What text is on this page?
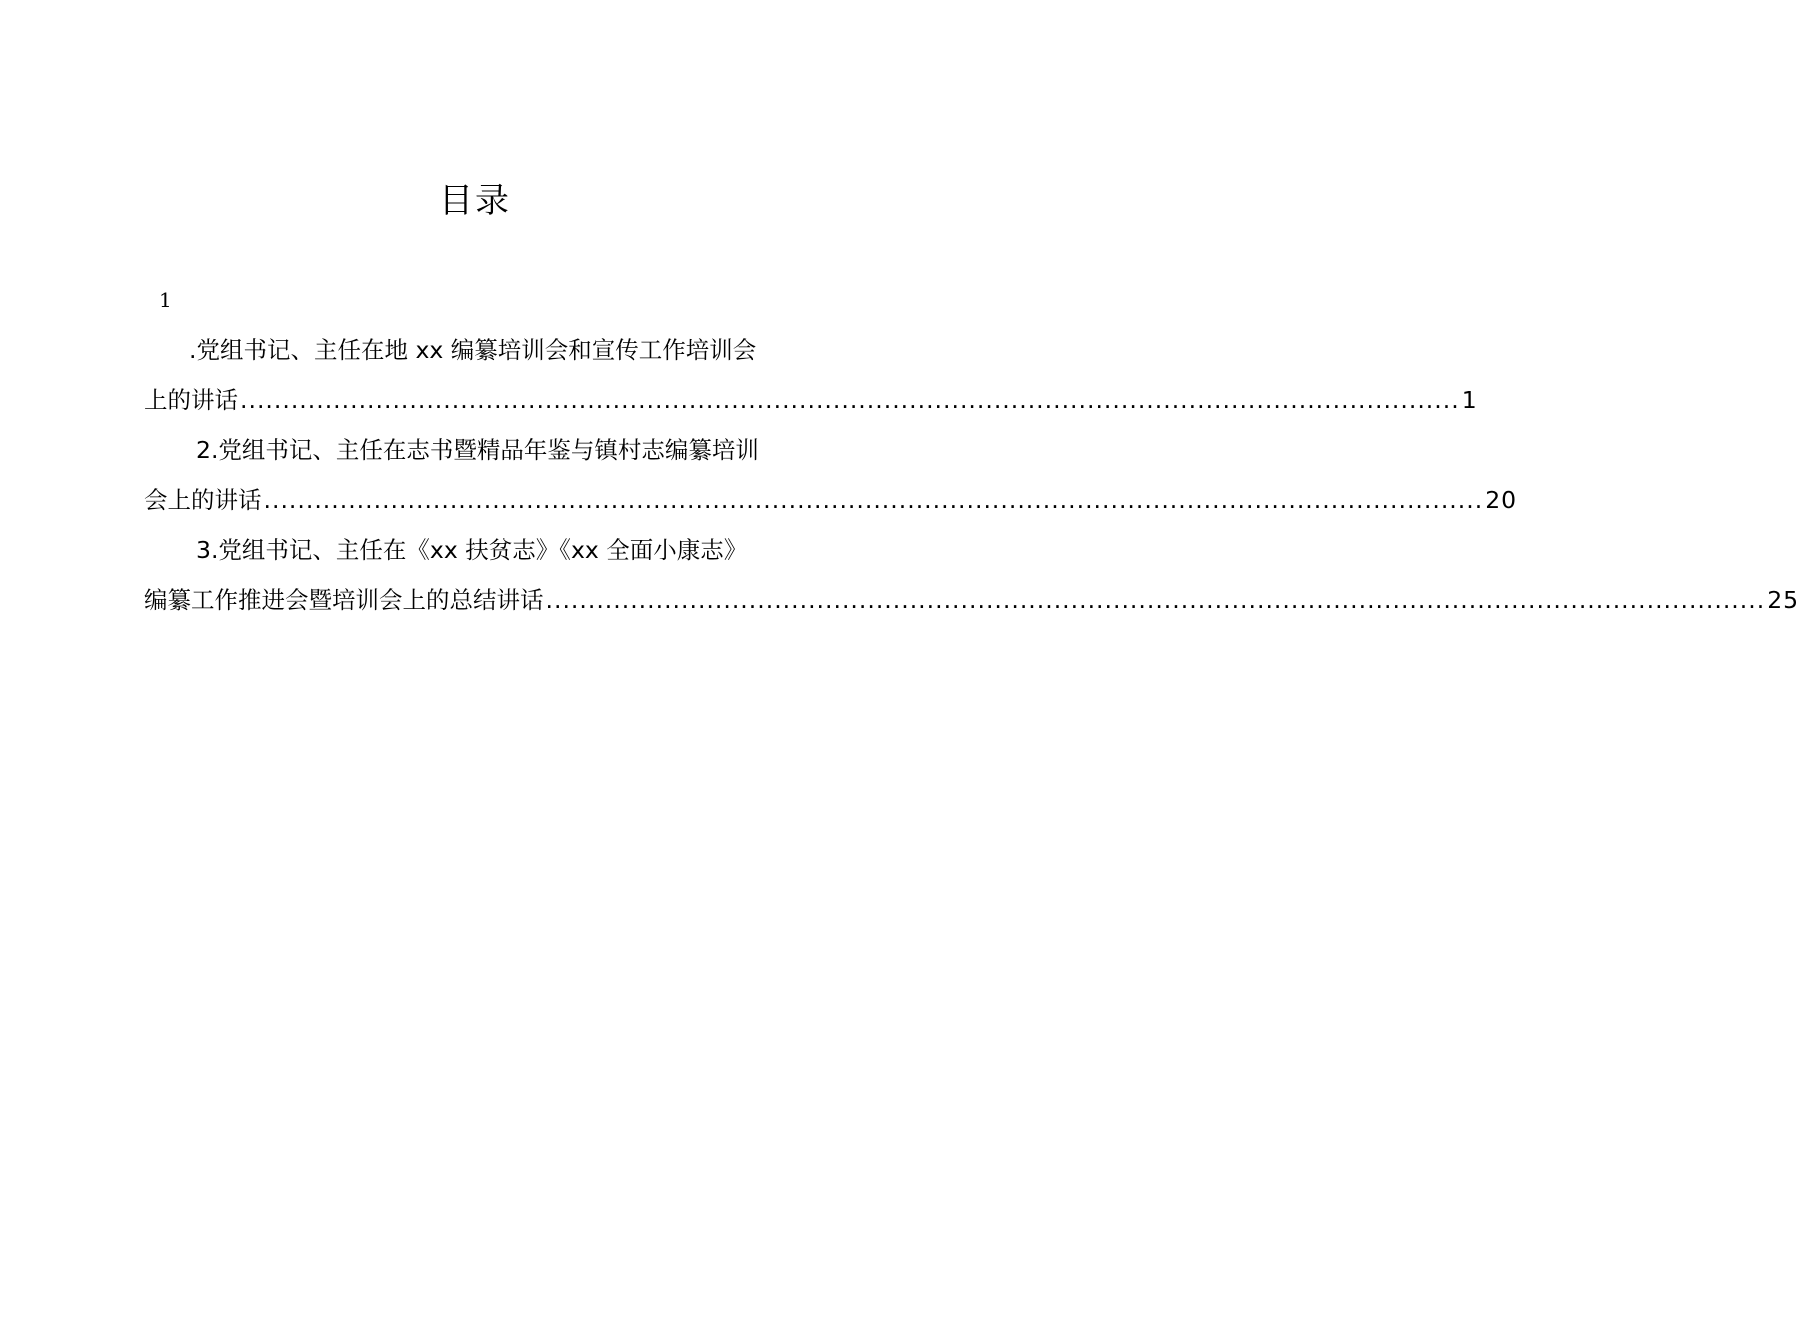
目录
1
.党组书记、主任在地 xx 编纂培训会和宣传工作培训会
上的讲话 ................................................................................................................................................ 1
2.党组书记、主任在志书暨精品年鉴与镇村志编纂培训
会上的讲话 ................................................................................................................................................ 20
3.党组书记、主任在《xx 扶贫志》《xx 全面小康志》
编纂工作推进会暨培训会上的总结讲话 ................................................................................................................................................ 25
